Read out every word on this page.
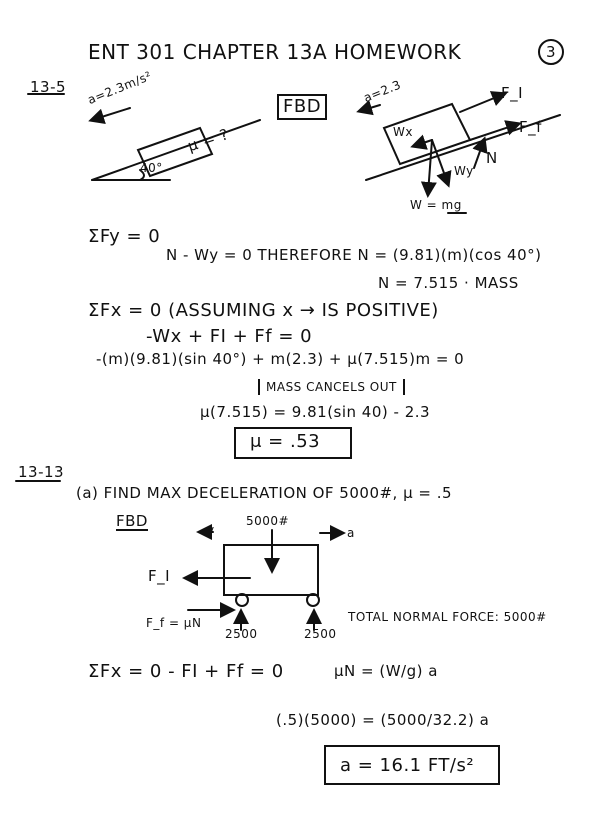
ENT 301 CHAPTER 13A HOMEWORK	3
13-5 a=2.3m/s²
40°
μ = ?
FBD
a=2.3	F_I
F_f
N
Wx
Wy
W = mg
ΣFy = 0
N - Wy = 0 THEREFORE N = (9.81)(m)(cos 40°)
N = 7.515 · MASS
ΣFx = 0 (ASSUMING x → IS POSITIVE)
-Wx + FI + Ff = 0
-(m)(9.81)(sin 40°) + m(2.3) + μ(7.515)m = 0
MASS CANCELS OUT
μ(7.515) = 9.81(sin 40) - 2.3
μ = .53
13-13
(a) FIND MAX DECELERATION OF 5000#, μ = .5
FBD	v
5000#
a
F_I
F_f = μN
2500	2500
TOTAL NORMAL FORCE: 5000#
ΣFx = 0 - FI + Ff = 0	μN = (W/g) a
(.5)(5000) = (5000/32.2) a
a = 16.1 FT/s²
